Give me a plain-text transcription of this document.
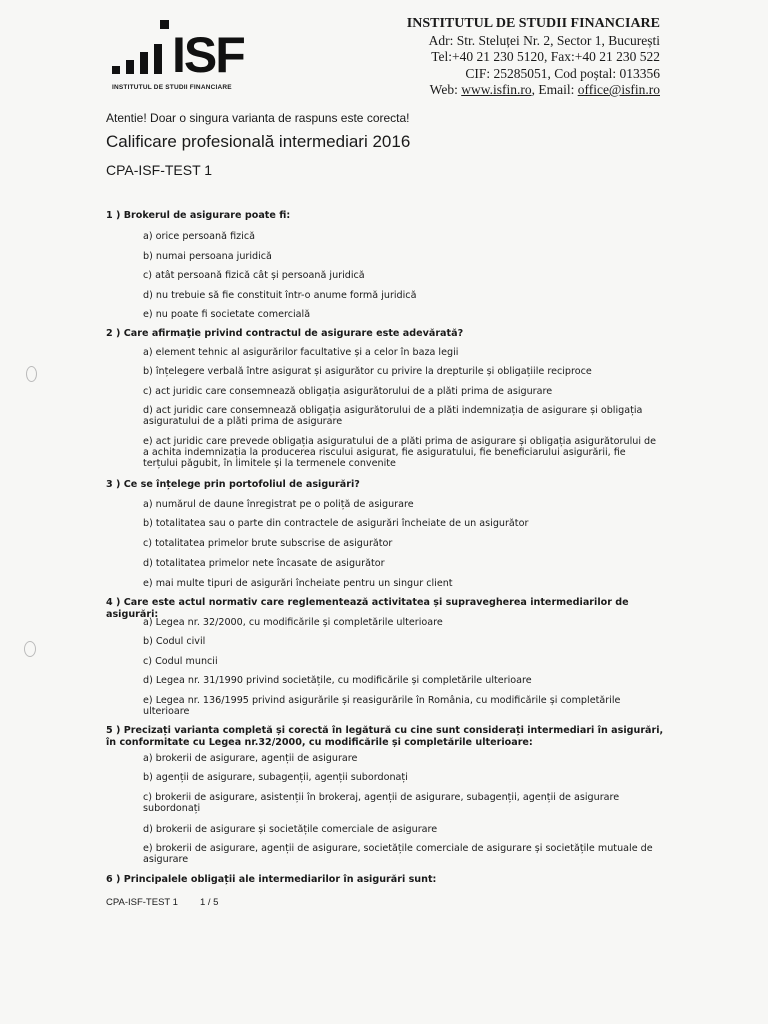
ISF
INSTITUTUL DE STUDII FINANCIARE
INSTITUTUL DE STUDII FINANCIARE
Adr: Str. Steluței Nr. 2, Sector 1, București
Tel:+40 21 230 5120, Fax:+40 21 230 522
CIF: 25285051, Cod poștal: 013356
Web: www.isfin.ro, Email: office@isfin.ro
Atentie! Doar o singura varianta de raspuns este corecta!
Calificare profesională intermediari 2016
CPA-ISF-TEST 1
1 ) Brokerul de asigurare poate fi:
a) orice persoană fizică
b) numai persoana juridică
c) atât persoană fizică cât și persoană juridică
d) nu trebuie să fie constituit într-o anume formă juridică
e) nu poate fi societate comercială
2 ) Care afirmaţie privind contractul de asigurare este adevărată?
a) element tehnic al asigurărilor facultative și a celor în baza legii
b) înțelegere verbală între asigurat și asigurător cu privire la drepturile și obligațiile reciproce
c) act juridic care consemnează obligația asigurătorului de a plăti prima de asigurare
d) act juridic care consemnează obligația asigurătorului de a plăti indemnizația de asigurare și obligația asiguratului de a plăti prima de asigurare
e) act juridic care prevede obligația asiguratului de a plăti prima de asigurare și obligația asigurătorului de a achita indemnizația la producerea riscului asigurat, fie asiguratului, fie beneficiarului asigurării, fie terțului păgubit, în limitele și la termenele convenite
3 ) Ce se înțelege prin portofoliul de asigurări?
a) numărul de daune înregistrat pe o poliță de asigurare
b) totalitatea sau o parte din contractele de asigurări încheiate de un asigurător
c) totalitatea primelor brute subscrise de asigurător
d) totalitatea primelor nete încasate de asigurător
e) mai multe tipuri de asigurări încheiate pentru un singur client
4 ) Care este actul normativ care reglementează activitatea și supravegherea intermediarilor de asigurări:
a) Legea nr. 32/2000, cu modificările și completările ulterioare
b) Codul civil
c) Codul muncii
d) Legea nr. 31/1990 privind societățile, cu modificările și completările ulterioare
e) Legea nr. 136/1995 privind asigurările și reasigurările în România, cu modificările și completările ulterioare
5 ) Precizați varianta completă și corectă în legătură cu cine sunt considerați intermediari în asigurări, în conformitate cu Legea nr.32/2000, cu modificările și completările ulterioare:
a) brokerii de asigurare, agenții de asigurare
b) agenții de asigurare, subagenții, agenții subordonați
c) brokerii de asigurare, asistenții în brokeraj, agenții de asigurare, subagenții, agenții de asigurare subordonați
d) brokerii de asigurare și societățile comerciale de asigurare
e) brokerii de asigurare, agenții de asigurare, societățile comerciale de asigurare și societățile mutuale de asigurare
6 ) Principalele obligații ale intermediarilor în asigurări sunt:
CPA-ISF-TEST 1 1 / 5
